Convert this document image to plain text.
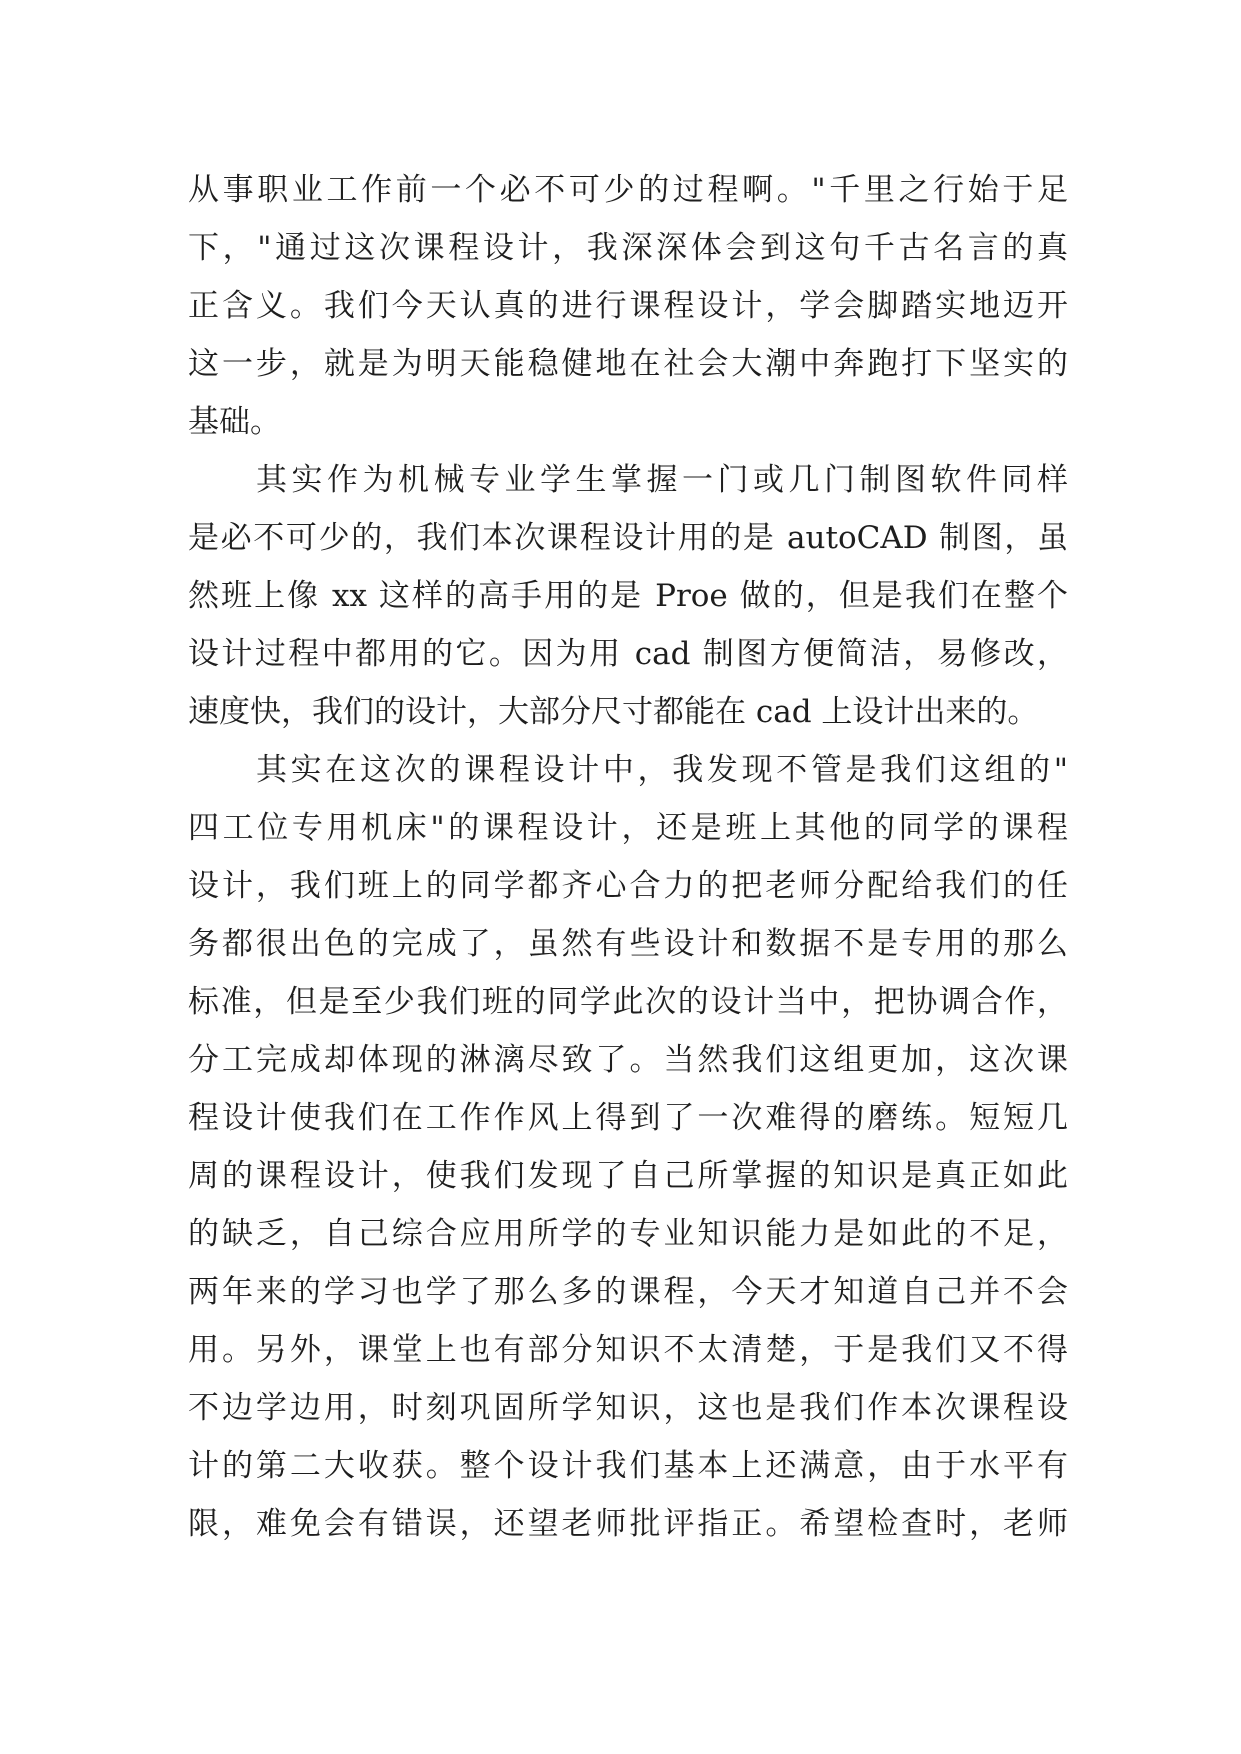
从事职业工作前一个必不可少的过程啊。"千里之行始于足
下，"通过这次课程设计，我深深体会到这句千古名言的真
正含义。我们今天认真的进行课程设计，学会脚踏实地迈开
这一步，就是为明天能稳健地在社会大潮中奔跑打下坚实的
基础。
其实作为机械专业学生掌握一门或几门制图软件同样
是必不可少的，我们本次课程设计用的是 autoCAD 制图，虽
然班上像 xx 这样的高手用的是 Proe 做的，但是我们在整个
设计过程中都用的它。因为用 cad 制图方便简洁，易修改，
速度快，我们的设计，大部分尺寸都能在 cad 上设计出来的。
其实在这次的课程设计中，我发现不管是我们这组的"
四工位专用机床"的课程设计，还是班上其他的同学的课程
设计，我们班上的同学都齐心合力的把老师分配给我们的任
务都很出色的完成了，虽然有些设计和数据不是专用的那么
标准，但是至少我们班的同学此次的设计当中，把协调合作，
分工完成却体现的淋漓尽致了。当然我们这组更加，这次课
程设计使我们在工作作风上得到了一次难得的磨练。短短几
周的课程设计，使我们发现了自己所掌握的知识是真正如此
的缺乏，自己综合应用所学的专业知识能力是如此的不足，
两年来的学习也学了那么多的课程，今天才知道自己并不会
用。另外，课堂上也有部分知识不太清楚，于是我们又不得
不边学边用，时刻巩固所学知识，这也是我们作本次课程设
计的第二大收获。整个设计我们基本上还满意，由于水平有
限，难免会有错误，还望老师批评指正。希望检查时，老师
